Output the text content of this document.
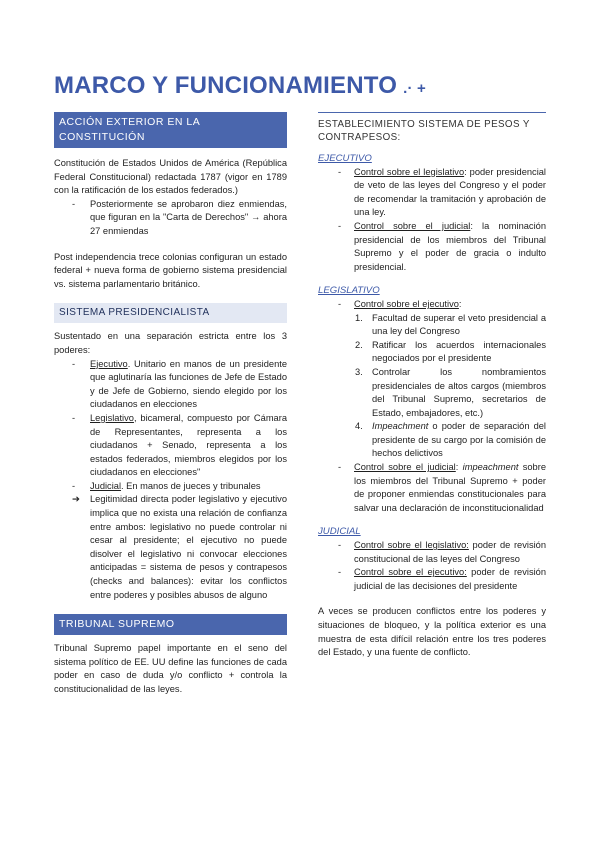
MARCO Y FUNCIONAMIENTO .· +
ACCIÓN EXTERIOR EN LA CONSTITUCIÓN

Constitución de Estados Unidos de América (República Federal Constitucional) redactada 1787 (vigor en 1789 con la ratificación de los estados federados.)

-	Posteriormente se aprobaron diez enmiendas, que figuran en la "Carta de Derechos" → ahora 27 enmiendas

Post independencia trece colonias configuran un estado federal + nueva forma de gobierno sistema presidencial vs. sistema parlamentario británico.

SISTEMA PRESIDENCIALISTA

Sustentado en una separación estricta entre los 3 poderes:

-	Ejecutivo. Unitario en manos de un presidente que aglutinaría las funciones de Jefe de Estado y de Jefe de Gobierno, siendo elegido por los ciudadanos en elecciones
-	Legislativo, bicameral, compuesto por Cámara de Representantes, representa a los ciudadanos + Senado, representa a los estados federados, miembros elegidos por los ciudadanos en elecciones"
-	Judicial. En manos de jueces y tribunales
➔	Legitimidad directa poder legislativo y ejecutivo implica que no exista una relación de confianza entre ambos: legislativo no puede controlar ni cesar al presidente; el ejecutivo no puede disolver el legislativo ni convocar elecciones anticipadas = sistema de pesos y contrapesos (checks and balances): evitar los conflictos entre poderes y posibles abusos de alguno
TRIBUNAL SUPREMO

Tribunal Supremo papel importante en el seno del sistema político de EE. UU define las funciones de cada poder en caso de duda y/o conflicto + controla la constitucionalidad de las leyes.

ESTABLECIMIENTO SISTEMA DE PESOS Y CONTRAPESOS:
EJECUTIVO
-	Control sobre el legislativo: poder presidencial de veto de las leyes del Congreso y el poder de recomendar la tramitación y aprobación de una ley.
-	Control sobre el judicial: la nominación presidencial de los miembros del Tribunal Supremo y el poder de gracia o indulto presidencial.
LEGISLATIVO
-	Control sobre el ejecutivo:
1. Facultad de superar el veto presidencial a una ley del Congreso
2. Ratificar los acuerdos internacionales negociados por el presidente
3. Controlar los nombramientos presidenciales de altos cargos (miembros del Tribunal Supremo, secretarios de Estado, embajadores, etc.)
4. Impeachment o poder de separación del presidente de su cargo por la comisión de hechos delictivos
-	Control sobre el judicial: impeachment sobre los miembros del Tribunal Supremo + poder de proponer enmiendas constitucionales para salvar una declaración de inconstitucionalidad
JUDICIAL
-	Control sobre el legislativo: poder de revisión constitucional de las leyes del Congreso
-	Control sobre el ejecutivo: poder de revisión judicial de las decisiones del presidente

A veces se producen conflictos entre los poderes y situaciones de bloqueo, y la política exterior es una muestra de esta difícil relación entre los tres poderes del Estado, y una fuente de conflicto.
